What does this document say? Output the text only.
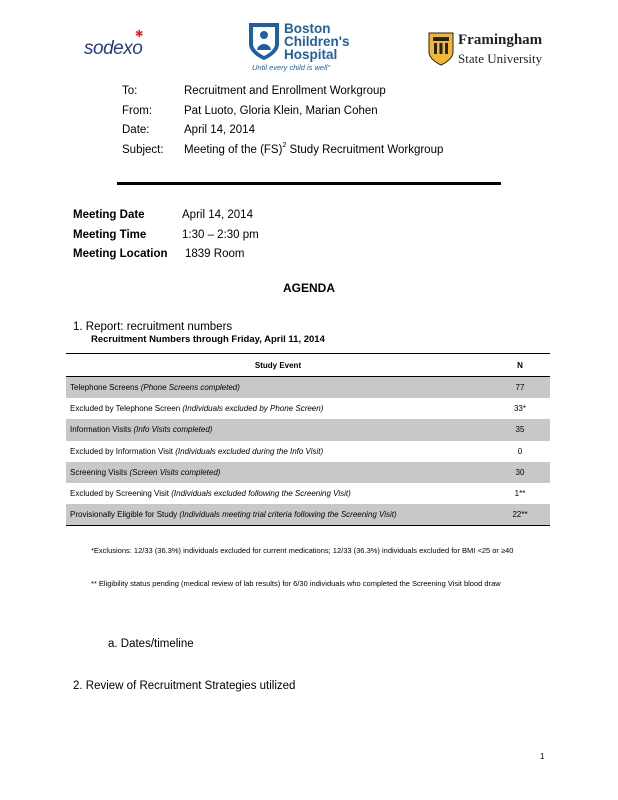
sodexo
✱	Boston
Children's
Hospital
Until every child is well°
Framingham
State University
To:	Recruitment and Enrollment Workgroup
From:	Pat Luoto, Gloria Klein, Marian Cohen
Date:	April 14, 2014
Subject:	Meeting of the (FS)$^2$ Study Recruitment Workgroup
Meeting Date	April 14, 2014
Meeting Time	1:30 – 2:30 pm
Meeting Location	1839 Room
AGENDA
1. Report: recruitment numbers
Recruitment Numbers through Friday, April 11, 2014
Study Event	N
Telephone Screens (Phone Screens completed)	77
Excluded by Telephone Screen (Individuals excluded by Phone Screen)	33*
Information Visits (Info Visits completed)	35
Excluded by Information Visit (Individuals excluded during the Info Visit)	0
Screening Visits (Screen Visits completed)	30
Excluded by Screening Visit (Individuals excluded following the Screening Visit)	1**
Provisionally Eligible for Study (Individuals meeting trial criteria following the Screening Visit)	22**
*Exclusions: 12/33 (36.3%) individuals excluded for current medications; 12/33 (36.3%) individuals excluded for BMI <25 or ≥40
** Eligibility status pending (medical review of lab results) for 6/30 individuals who completed the Screening Visit blood draw
a. Dates/timeline
2. Review of Recruitment Strategies utilized
1
